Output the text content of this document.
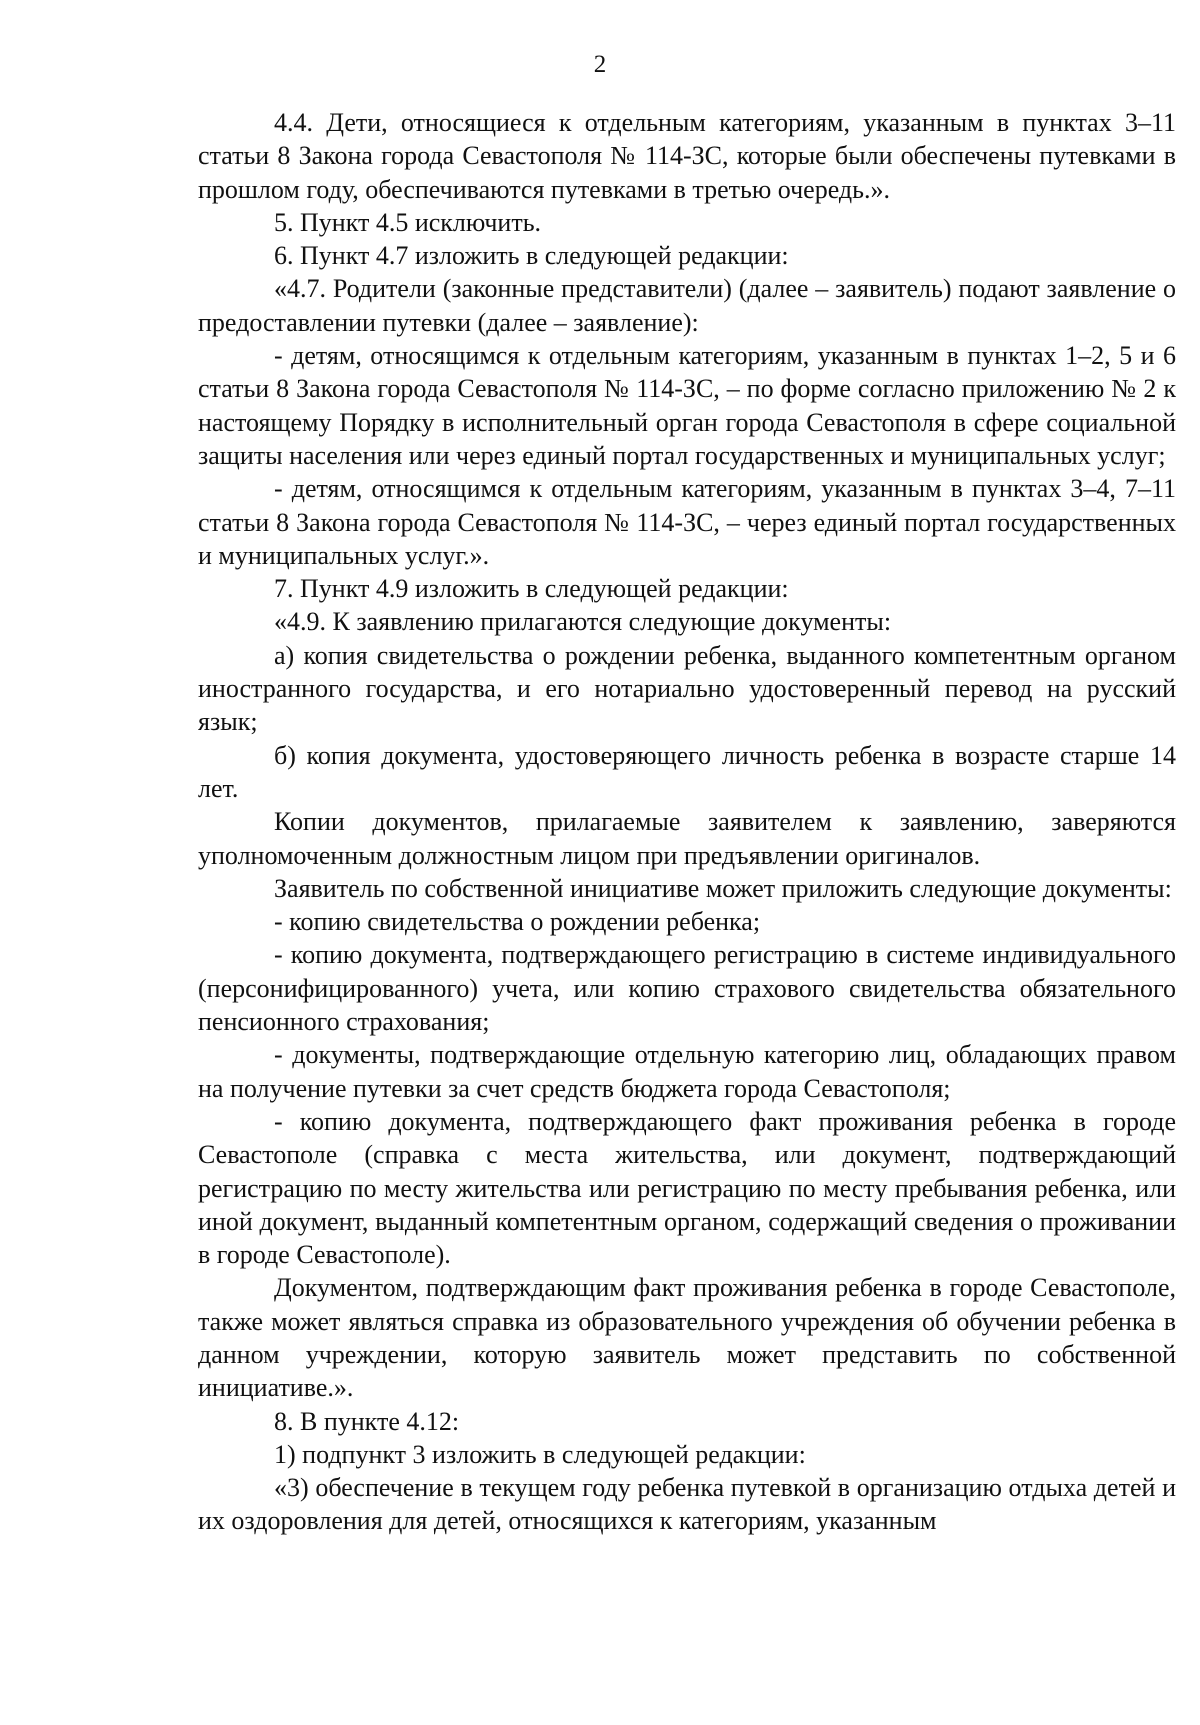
2

4.4. Дети, относящиеся к отдельным категориям, указанным в пунктах 3–11 статьи 8 Закона города Севастополя № 114-ЗС, которые были обеспечены путевками в прошлом году, обеспечиваются путевками в третью очередь.».

5. Пункт 4.5 исключить.

6. Пункт 4.7 изложить в следующей редакции:

«4.7. Родители (законные представители) (далее – заявитель) подают заявление о предоставлении путевки (далее – заявление):

- детям, относящимся к отдельным категориям, указанным в пунктах 1–2, 5 и 6 статьи 8 Закона города Севастополя № 114-ЗС, – по форме согласно приложению № 2 к настоящему Порядку в исполнительный орган города Севастополя в сфере социальной защиты населения или через единый портал государственных и муниципальных услуг;

- детям, относящимся к отдельным категориям, указанным в пунктах 3–4, 7–11 статьи 8 Закона города Севастополя № 114-ЗС, – через единый портал государственных и муниципальных услуг.».

7. Пункт 4.9 изложить в следующей редакции:

«4.9. К заявлению прилагаются следующие документы:

а) копия свидетельства о рождении ребенка, выданного компетентным органом иностранного государства, и его нотариально удостоверенный перевод на русский язык;

б) копия документа, удостоверяющего личность ребенка в возрасте старше 14 лет.

Копии документов, прилагаемые заявителем к заявлению, заверяются уполномоченным должностным лицом при предъявлении оригиналов.

Заявитель по собственной инициативе может приложить следующие документы:

- копию свидетельства о рождении ребенка;

- копию документа, подтверждающего регистрацию в системе индивидуального (персонифицированного) учета, или копию страхового свидетельства обязательного пенсионного страхования;

- документы, подтверждающие отдельную категорию лиц, обладающих правом на получение путевки за счет средств бюджета города Севастополя;

- копию документа, подтверждающего факт проживания ребенка в городе Севастополе (справка с места жительства, или документ, подтверждающий регистрацию по месту жительства или регистрацию по месту пребывания ребенка, или иной документ, выданный компетентным органом, содержащий сведения о проживании в городе Севастополе).

Документом, подтверждающим факт проживания ребенка в городе Севастополе, также может являться справка из образовательного учреждения об обучении ребенка в данном учреждении, которую заявитель может представить по собственной инициативе.».

8. В пункте 4.12:

1) подпункт 3 изложить в следующей редакции:

«3) обеспечение в текущем году ребенка путевкой в организацию отдыха детей и их оздоровления для детей, относящихся к категориям, указанным
